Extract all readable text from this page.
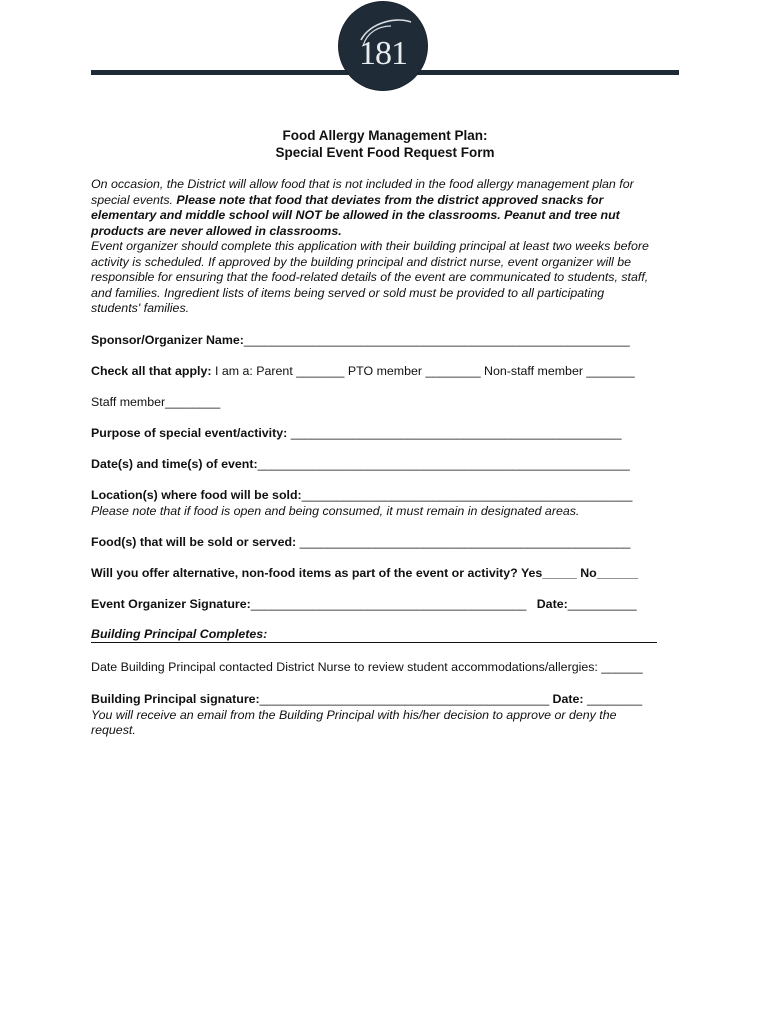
181
Food Allergy Management Plan:
Special Event Food Request Form
On occasion, the District will allow food that is not included in the food allergy management plan for special events. Please note that food that deviates from the district approved snacks for elementary and middle school will NOT be allowed in the classrooms. Peanut and tree nut products are never allowed in classrooms.
Event organizer should complete this application with their building principal at least two weeks before activity is scheduled. If approved by the building principal and district nurse, event organizer will be responsible for ensuring that the food-related details of the event are communicated to students, staff, and families. Ingredient lists of items being served or sold must be provided to all participating students' families.
Sponsor/Organizer Name:________________________________________________________
Check all that apply: I am a: Parent _______ PTO member ________ Non-staff member _______
Staff member________
Purpose of special event/activity: ________________________________________________
Date(s) and time(s) of event:______________________________________________________
Location(s) where food will be sold:________________________________________________
Please note that if food is open and being consumed, it must remain in designated areas.
Food(s) that will be sold or served: ________________________________________________
Will you offer alternative, non-food items as part of the event or activity? Yes_____ No______
Event Organizer Signature:________________________________________   Date:__________
Building Principal Completes:
Date Building Principal contacted District Nurse to review student accommodations/allergies: ______
Building Principal signature:__________________________________________ Date: ________
You will receive an email from the Building Principal with his/her decision to approve or deny the request.
